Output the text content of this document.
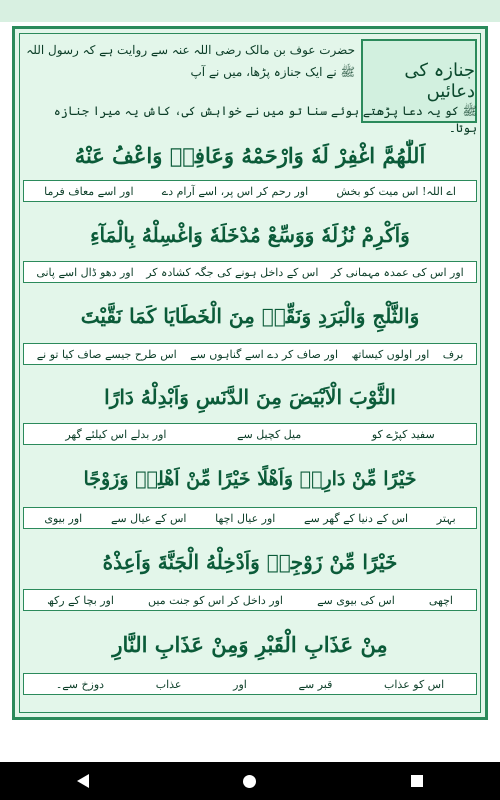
جنازہ کی دعائیں
حضرت عوف بن مالک رضی اللہ عنہ سے روایت ہے کہ رسول اللہ ﷺ نے ایک جنازہ پڑھا، میں نے آپ
ﷺ کو یہ دعا پڑھتے ہوئے سنا تو میں نے خواہش کی، کاش یہ میرا جنازہ ہوتا۔
اَللّٰهُمَّ اغْفِرْ لَهٗ وَارْحَمْهُ وَعَافِهٖ وَاعْفُ عَنْهُ
اے اللہ! اس میت کو بخش
اور رحم کر اس پر، اسے آرام دے
اور اسے معاف فرما
وَاَكْرِمْ نُزُلَهٗ وَوَسِّعْ مُدْخَلَهٗ وَاغْسِلْهُ بِالْمَآءِ
اور اس کی عمدہ مہمانی کر
اس کے داخل ہونے کی جگہ کشادہ کر
اور دھو ڈال اسے پانی
وَالثَّلْجِ وَالْبَرَدِ وَنَقِّهٖ مِنَ الْخَطَايَا كَمَا نَقَّيْتَ
برف
اور اولوں کیساتھ
اور صاف کر دے اسے گناہوں سے
اس طرح جیسے صاف کیا تو نے
الثَّوْبَ الْاَبْيَضَ مِنَ الدَّنَسِ وَاَبْدِلْهُ دَارًا
سفید کپڑے کو
میل کچیل سے
اور بدلے اس کیلئے گھر
خَيْرًا مِّنْ دَارِهٖ وَاَهْلًا خَيْرًا مِّنْ اَهْلِهٖ وَزَوْجًا
بہتر
اس کے دنیا کے گھر سے
اور عیال اچھا
اس کے عیال سے
اور بیوی
خَيْرًا مِّنْ زَوْجِهٖ وَاَدْخِلْهُ الْجَنَّةَ وَاَعِذْهُ
اچھی
اس کی بیوی سے
اور داخل کر اس کو جنت میں
اور بچا کے رکھ
مِنْ عَذَابِ الْقَبْرِ وَمِنْ عَذَابِ النَّارِ
اس کو عذاب
قبر سے
اور
عذاب
دوزخ سے۔
